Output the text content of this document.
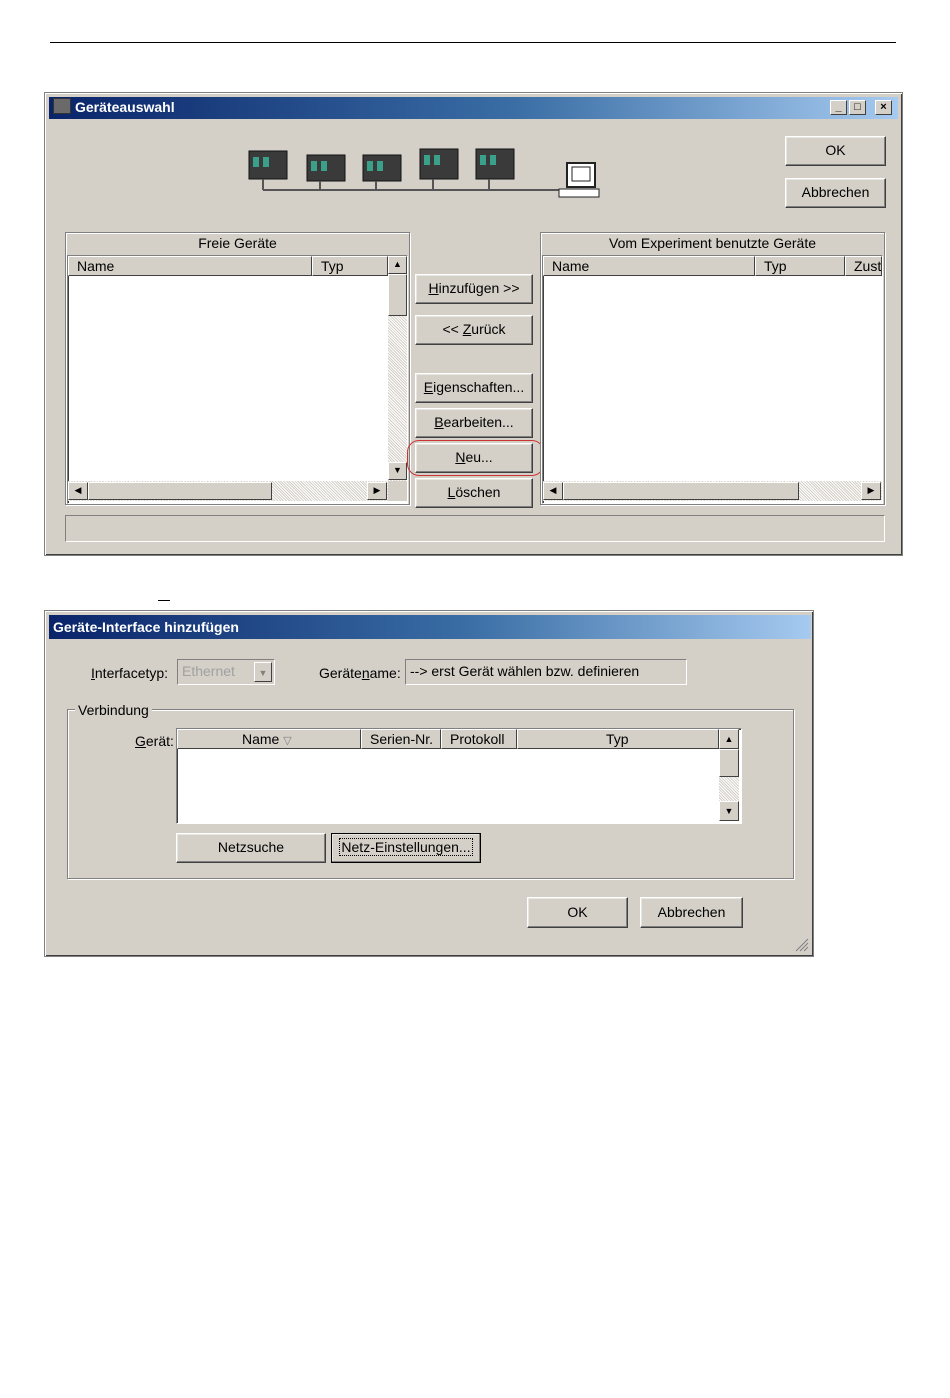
Geräteauswahl	_	□	×
OK
Abbrechen
Freie Geräte
Name	Typ	▲
▼
◀	▶
Hinzufügen >>
<< Zurück
Eigenschaften...
Bearbeiten...
Neu...
Löschen
Vom Experiment benutzte Geräte
Name	Typ	Zust
◀	▶
Geräte-Interface hinzufügen
Interfacetyp: Ethernet	▼	Gerätename: --> erst Gerät wählen bzw. definieren
Verbindung
Gerät:	Name ▽	Serien-Nr.	Protokoll	Typ	▲
▼
Netzsuche	Netz-Einstellungen...
OK	Abbrechen
